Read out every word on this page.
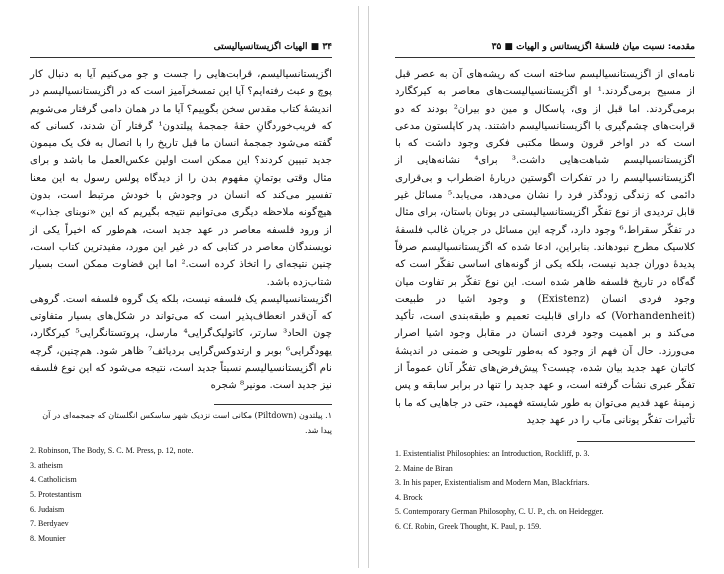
۳۴ ■ الهیات اگزیستانسیالیستی

اگزیستانسیالیسم، قرابت‌هایی را جست و جو می‌کنیم آیا به دنبال کار پوچ و عبث رفته‌ایم؟ آیا این تمسخرآمیز است که در اگزیستانسیالیسم در اندیشهٔ کتاب مقدس سخن بگوییم؟ آیا ما در همان دامی گرفتار می‌شویم که فریب‌خوردگانِ حقهٔ جمجمهٔ پیلتدون¹ گرفتار آن شدند، کسانی که گفته می‌شود جمجمهٔ انسان ما قبل تاریخ را با اتصال به فک یک میمون جدید تبیین کردند؟ این ممکن است اولین عکس‌العمل ما باشد و برای مثال وقتی بوتمانِ مفهوم بدن را از دیدگاه پولس رسول به این معنا تفسیر می‌کند که انسان در وجودش با خودش مرتبط است، بدون هیچ‌گونه ملاحظه دیگری می‌توانیم نتیجه بگیریم که این «نوبنای جذاب» از ورود فلسفه معاصر در عهد جدید است، هم‌طور که اخیراً یکی از نویسندگان معاصر در کتابی که در غیر این مورد، مفیدترین کتاب است، چنین نتیجه‌ای را اتخاذ کرده است.² اما این قضاوت ممکن است بسیار شتاب‌زده باشد.

اگزیستانسیالیسم یک فلسفه نیست، بلکه یک گروه فلسفه است. گروهی که آن‌قدر انعطاف‌پذیر است که می‌تواند در شکل‌های بسیار متفاوتی چون الحاد³ سارتر، کاتولیک‌گرایی⁴ مارسل، پروتستانگرایی⁵ کیرکگارد، یهودگرایی⁶ بوبر و ارتدوکس‌گرایی بردیائف⁷ ظاهر شود. هم‌چنین، گرچه نام اگزیستانسیالیسم نسبتاً جدید است، نتیجه می‌شود که این نوع فلسفه نیز جدید است. مونیر⁸ شجره

۱. پیلتدون (Piltdown) مکانی است نزدیک شهر ساسکس انگلستان که جمجمه‌ای در آن پیدا شد.
2. Robinson, The Body, S. C. M. Press, p. 12, note.
3. atheism
4. Catholicism
5. Protestantism
6. Judaism
7. Berdyaev
8. Mounier
مقدمه: نسبت میان فلسفهٔ اگزیستانس و الهیات ■ ۳۵

نامه‌ای از اگزیستانسیالیسم ساخته است که ریشه‌های آن به عصر قبل از مسیح برمی‌گردند.¹ او اگزیستانسیالیست‌های معاصر به کیرکگارد برمی‌گردند. اما قبل از وی، پاسکال و مین دو بیران² بودند که دو قرابت‌های چشم‌گیری با اگزیستانسیالیسم داشتند. پدر کاپلستون مدعی است که در اواخر قرون وسطا مکتبی فکری وجود داشت که با اگزیستانسیالیسم شباهت‌هایی داشت.³ برای⁴ نشانه‌هایی از اگزیستانسیالیسم را در تفکرات اگوستین دربارهٔ اضطراب و بی‌قراری دائمی که زندگی زودگذر فرد را نشان می‌دهد، می‌یابد.⁵ مسائل غیر قابل تردیدی از نوع تفکّر اگزیستانسیالیستی در یونان باستان، برای مثال در تفکّر سقراط،⁶ وجود دارد، گرچه این مسائل در جریان غالب فلسفهٔ کلاسیک مطرح نبودهاند. بنابراین، ادعا شده که اگزیستانسیالیسم صرفاً پدیدهٔ دوران جدید نیست، بلکه یکی از گونه‌های اساسی تفکّر است که گه‌گاه در تاریخ فلسفه ظاهر شده است. این نوع تفکّر بر تفاوت میان وجود فردی انسان (Existenz) و وجود اشیا در طبیعت (Vorhandenheit) که دارای قابلیت تعمیم و طبقه‌بندی است، تأکید می‌کند و بر اهمیت وجود فردی انسان در مقابل وجود اشیا اصرار می‌ورزد. حال آن فهم از وجود که به‌طور تلویحی و ضمنی در اندیشهٔ کاتبان عهد جدید بیان شده، چیست؟ پیش‌فرض‌های تفکّر آنان عموماً از تفکّر عبری نشأت گرفته است، و عهد جدید را تنها در برابر سابقه و پس زمینهٔ عهد قدیم می‌توان به طور شایسته فهمید، حتی در جاهایی که ما با تأثیرات تفکّر یونانی مآب را در عهد جدید

1. Existentialist Philosophies: an Introduction, Rockliff, p. 3.
2. Maine de Biran
3. In his paper, Existentialism and Modern Man, Blackfriars.
4. Brock
5. Contemporary German Philosophy, C. U. P., ch. on Heidegger.
6. Cf. Robin, Greek Thought, K. Paul, p. 159.
